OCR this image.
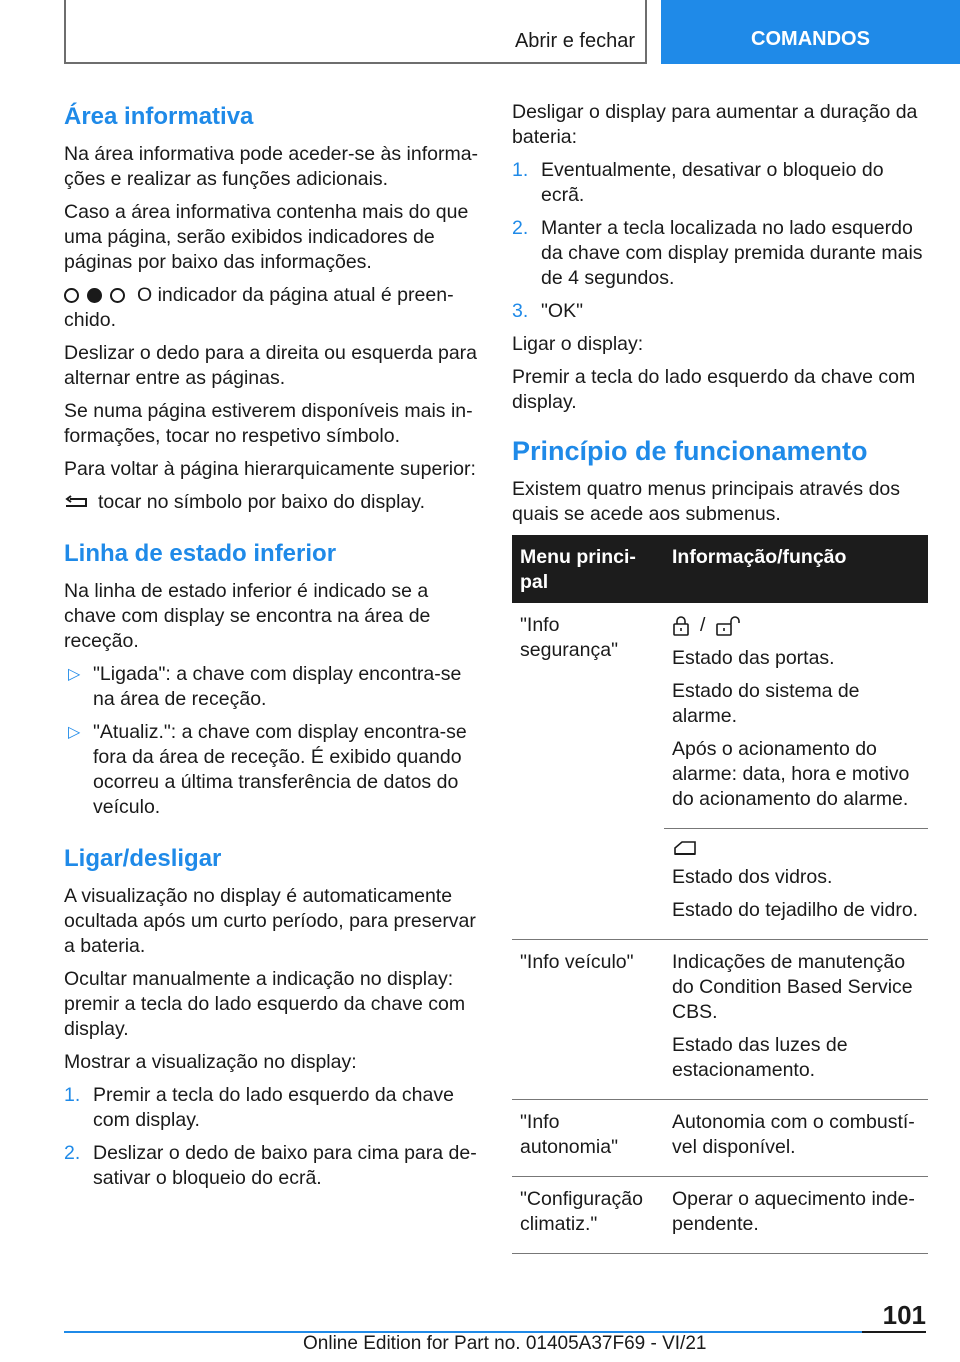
Abrir e fechar	COMANDOS
Área informativa

Na área informativa pode aceder-se às informações e realizar as funções adicionais.

Caso a área informativa contenha mais do que uma página, serão exibidos indicadores de páginas por baixo das informações.

O indicador da página atual é preenchido.

Deslizar o dedo para a direita ou esquerda para alternar entre as páginas.

Se numa página estiverem disponíveis mais informações, tocar no respetivo símbolo.

Para voltar à página hierarquicamente superior:

tocar no símbolo por baixo do display.

Linha de estado inferior

Na linha de estado inferior é indicado se a chave com display se encontra na área de receção.

▷ "Ligada": a chave com display encontra-se na área de receção.
▷ "Atualiz.": a chave com display encontra-se fora da área de receção. É exibido quando ocorreu a última transferência de datos do veículo.
Ligar/desligar

A visualização no display é automaticamente ocultada após um curto período, para preservar a bateria.

Ocultar manualmente a indicação no display: premir a tecla do lado esquerdo da chave com display.

Mostrar a visualização no display:

1. Premir a tecla do lado esquerdo da chave com display.
2. Deslizar o dedo de baixo para cima para desativar o bloqueio do ecrã.

Desligar o display para aumentar a duração da bateria:

1. Eventualmente, desativar o bloqueio do ecrã.
2. Manter a tecla localizada no lado esquerdo da chave com display premida durante mais de 4 segundos.
3. "OK"

Ligar o display:

Premir a tecla do lado esquerdo da chave com display.

Princípio de funcionamento

Existem quatro menus principais através dos quais se acede aos submenus.

Menu principal	Informação/função
"Info segurança"	/

Estado das portas.

Estado do sistema de alarme.

Após o acionamento do alarme: data, hora e motivo do acionamento do alarme.

	Estado dos vidros.

Estado do tejadilho de vidro.

"Info veículo"	Indicações de manutenção do Condition Based Service CBS.

Estado das luzes de estacionamento.

"Info autonomia"	Autonomia com o combustível disponível.

"Configuração climatiz."	Operar o aquecimento independente.

101
Online Edition for Part no. 01405A37F69 - VI/21
